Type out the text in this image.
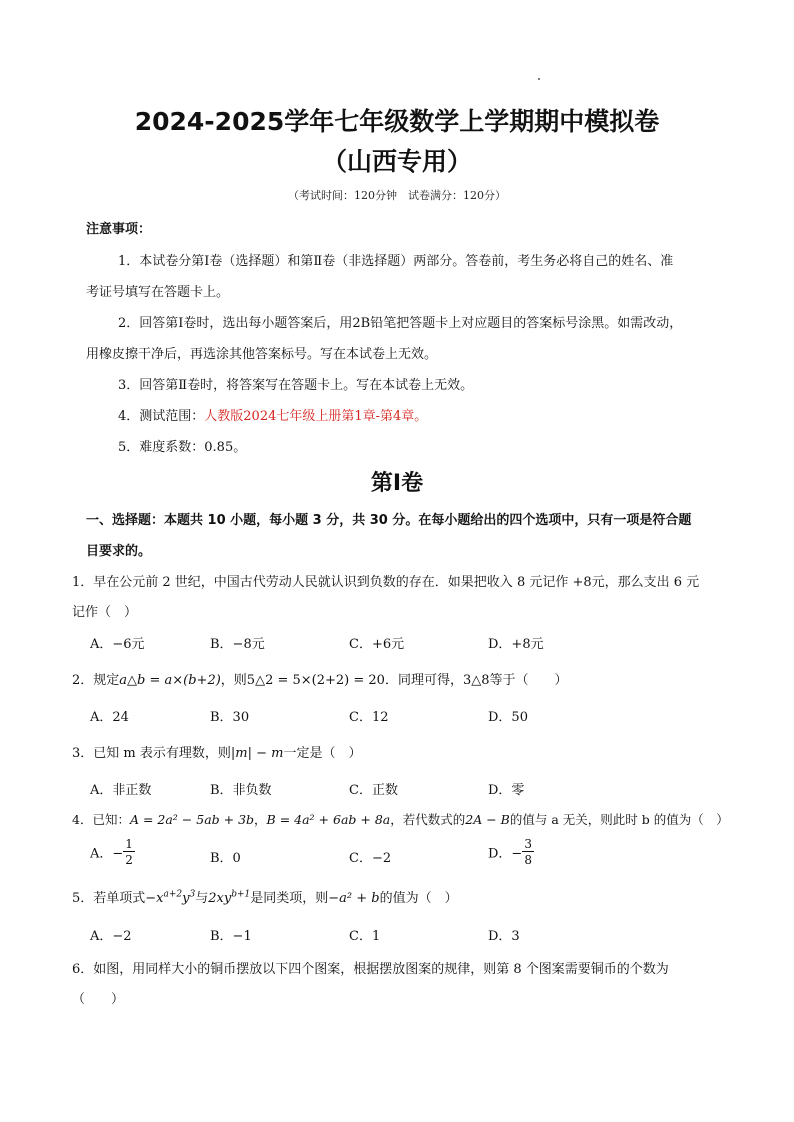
2024-2025学年七年级数学上学期期中模拟卷
（山西专用）
（考试时间：120分钟　试卷满分：120分）
注意事项：
1．本试卷分第Ⅰ卷（选择题）和第Ⅱ卷（非选择题）两部分。答卷前，考生务必将自己的姓名、准
考证号填写在答题卡上。
2．回答第Ⅰ卷时，选出每小题答案后，用2B铅笔把答题卡上对应题目的答案标号涂黑。如需改动，
用橡皮擦干净后，再选涂其他答案标号。写在本试卷上无效。
3．回答第Ⅱ卷时，将答案写在答题卡上。写在本试卷上无效。
4．测试范围：人教版2024七年级上册第1章-第4章。
5．难度系数：0.85。
第Ⅰ卷
一、选择题：本题共 10 小题，每小题 3 分，共 30 分。在每小题给出的四个选项中，只有一项是符合题
目要求的。
1．早在公元前 2 世纪，中国古代劳动人民就认识到负数的存在．如果把收入 8 元记作 +8元，那么支出 6 元
记作（　）
A．−6元	B．−8元	C．+6元	D．+8元
2．规定a△b = a×(b+2)，则5△2 = 5×(2+2) = 20．同理可得，3△8等于（　　）
A．24	B．30	C．12	D．50
3．已知 m 表示有理数，则|m| − m一定是（　）
A．非正数	B．非负数	C．正数	D．零
4．已知：A = 2a² − 5ab + 3b，B = 4a² + 6ab + 8a，若代数式的2A − B的值与 a 无关，则此时 b 的值为（　）
A．− $\frac{1}{2}$	B．0	C．−2	D．− $\frac{3}{8}$
5．若单项式$-x^{a+2}y^3$与$2xy^{b+1}$是同类项，则−a² + b的值为（　）
A．−2	B．−1	C．1	D．3
6．如图，用同样大小的铜币摆放以下四个图案，根据摆放图案的规律，则第 8 个图案需要铜币的个数为
（　　）
